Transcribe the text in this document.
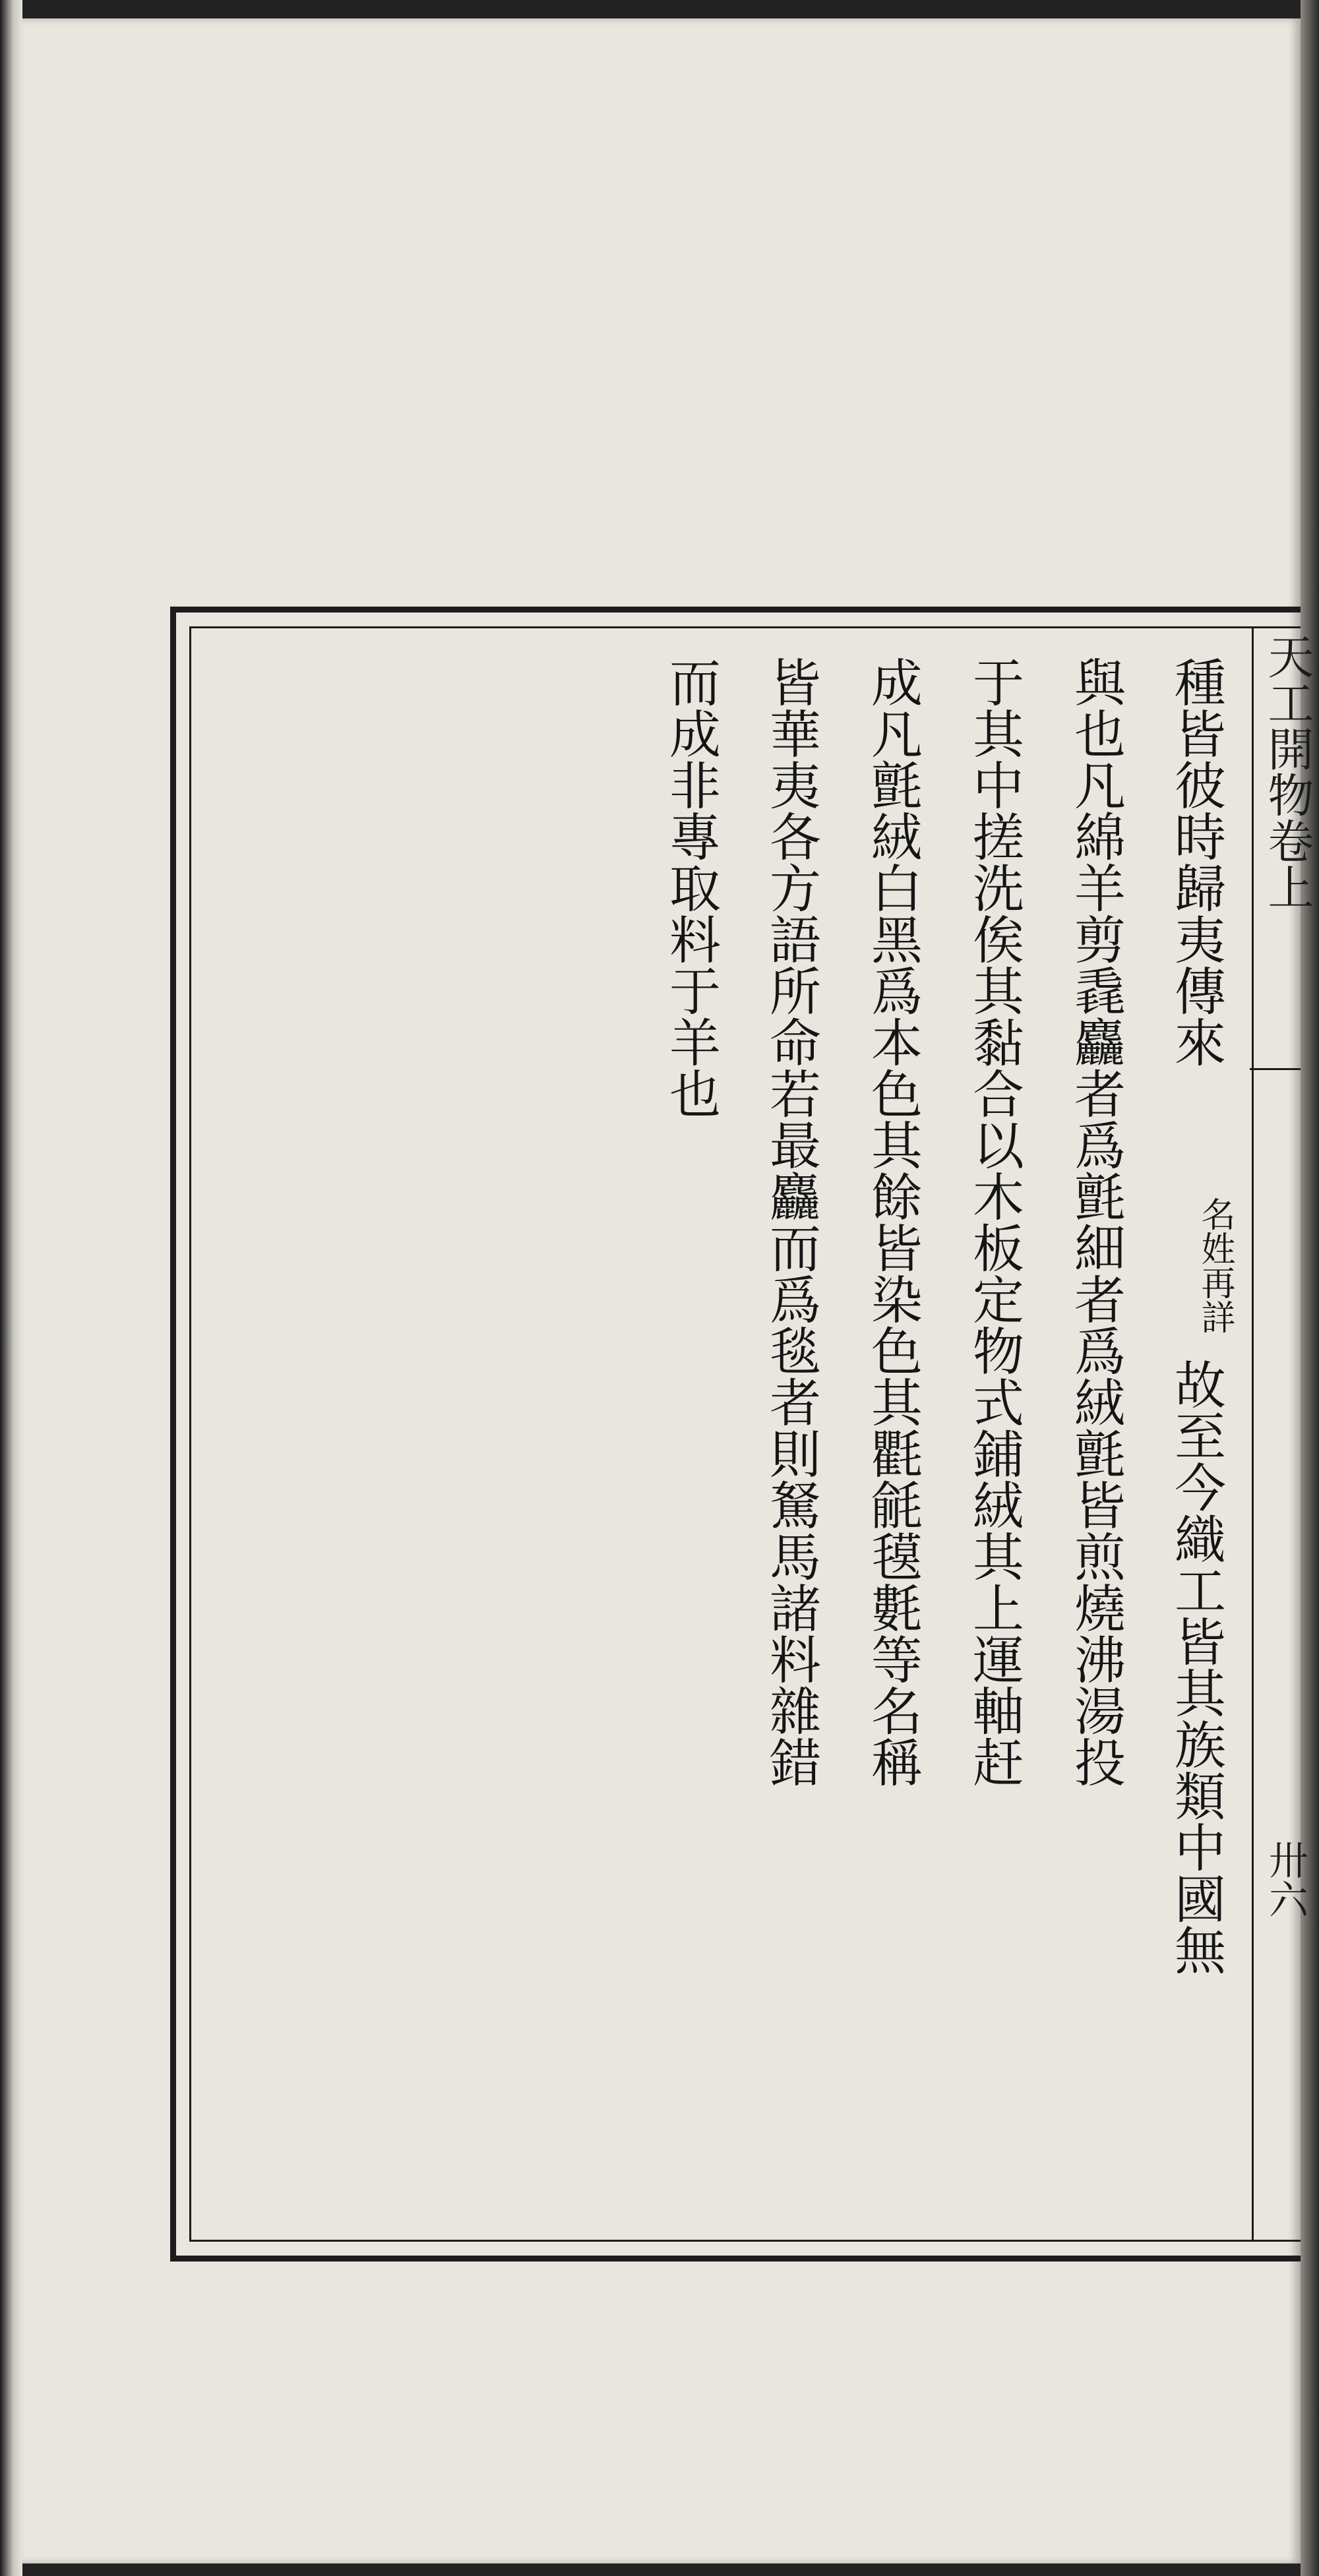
天工開物卷上
卅六
種皆彼時歸夷傳來
名姓再詳
故至今織工皆其族類中國無
與也凡綿羊剪毳麤者爲氈細者爲絨氈皆煎燒沸湯投
于其中搓洗俟其黏合以木板定物式鋪絨其上運軸赶
成凡氈絨白黑爲本色其餘皆染色其氍毹氁氀等名稱
皆華夷各方語所命若最麤而爲毯者則駑馬諸料雜錯
而成非專取料于羊也
